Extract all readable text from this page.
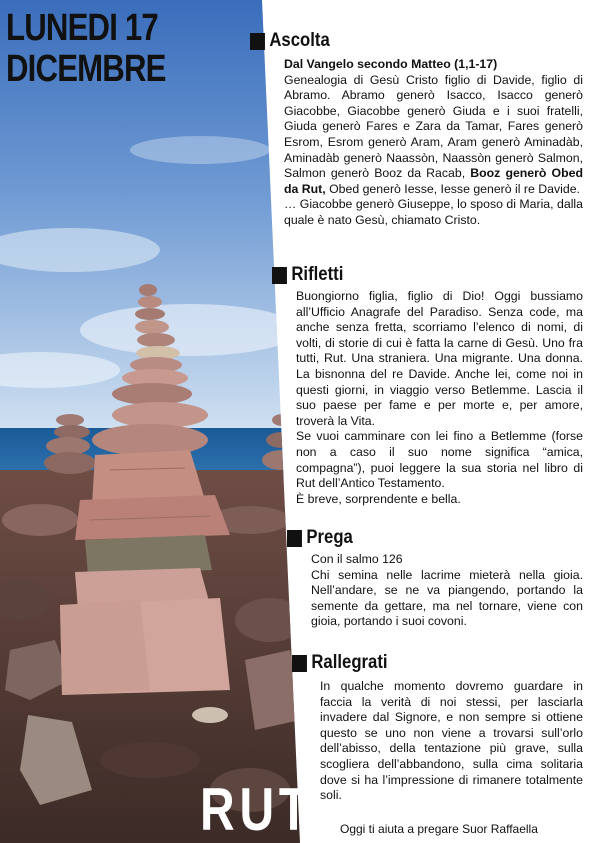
LUNEDI 17
DICEMBRE
RUT
Ascolta

Dal Vangelo secondo Matteo (1,1-17)

Genealogia di Gesù Cristo figlio di Davide, figlio di Abramo. Abramo generò Isacco, Isacco generò Giacobbe, Giacobbe generò Giuda e i suoi fratelli, Giuda generò Fares e Zara da Tamar, Fares generò Esrom, Esrom generò Aram, Aram generò Aminadàb, Aminadàb generò Naassòn, Naassòn generò Salmon, Salmon generò Booz da Racab, Booz generò Obed da Rut, Obed generò Iesse, Iesse generò il re Davide.

… Giacobbe generò Giuseppe, lo sposo di Maria, dalla quale è nato Gesù, chiamato Cristo.

Rifletti

Buongiorno figlia, figlio di Dio! Oggi bussiamo all’Ufficio Anagrafe del Paradiso. Senza code, ma anche senza fretta, scorriamo l’elenco di nomi, di volti, di storie di cui è fatta la carne di Gesù. Uno fra tutti, Rut. Una straniera. Una migrante. Una donna. La bisnonna del re Davide. Anche lei, come noi in questi giorni, in viaggio verso Betlemme. Lascia il suo paese per fame e per morte e, per amore, troverà la Vita.

Se vuoi camminare con lei fino a Betlemme (forse non a caso il suo nome significa “amica, compagna”), puoi leggere la sua storia nel libro di Rut dell’Antico Testamento.

È breve, sorprendente e bella.

Prega

Con il salmo 126

Chi semina nelle lacrime mieterà nella gioia. Nell’andare, se ne va piangendo, portando la semente da gettare, ma nel tornare, viene con gioia, portando i suoi covoni.

Rallegrati

In qualche momento dovremo guardare in faccia la verità di noi stessi, per lasciarla invadere dal Signore, e non sempre si ottiene questo se uno non viene a trovarsi sull’orlo dell’abisso, della tentazione più grave, sulla scogliera dell’abbandono, sulla cima solitaria dove si ha l’impressione di rimanere totalmente soli.

Oggi ti aiuta a pregare Suor Raffaella
